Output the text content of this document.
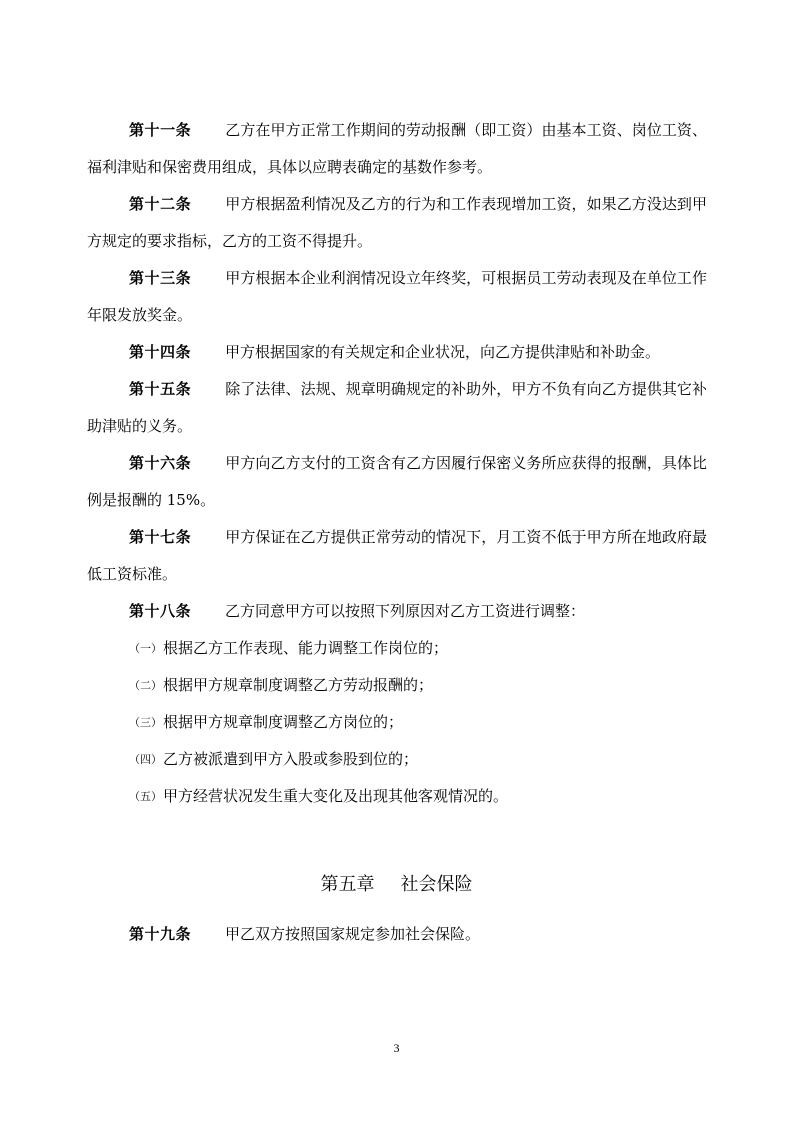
第十一条 乙方在甲方正常工作期间的劳动报酬（即工资）由基本工资、岗位工资、福利津贴和保密费用组成，具体以应聘表确定的基数作参考。

第十二条 甲方根据盈利情况及乙方的行为和工作表现增加工资，如果乙方没达到甲方规定的要求指标，乙方的工资不得提升。

第十三条 甲方根据本企业利润情况设立年终奖，可根据员工劳动表现及在单位工作年限发放奖金。

第十四条 甲方根据国家的有关规定和企业状况，向乙方提供津贴和补助金。

第十五条 除了法律、法规、规章明确规定的补助外，甲方不负有向乙方提供其它补助津贴的义务。

第十六条 甲方向乙方支付的工资含有乙方因履行保密义务所应获得的报酬，具体比例是报酬的 15%。

第十七条 甲方保证在乙方提供正常劳动的情况下，月工资不低于甲方所在地政府最低工资标准。

第十八条 乙方同意甲方可以按照下列原因对乙方工资进行调整：

（一）根据乙方工作表现、能力调整工作岗位的；

（二）根据甲方规章制度调整乙方劳动报酬的；

（三）根据甲方规章制度调整乙方岗位的；

（四）乙方被派遣到甲方入股或参股到位的；

（五）甲方经营状况发生重大变化及出现其他客观情况的。

第五章 社会保险

第十九条 甲乙双方按照国家规定参加社会保险。

3
